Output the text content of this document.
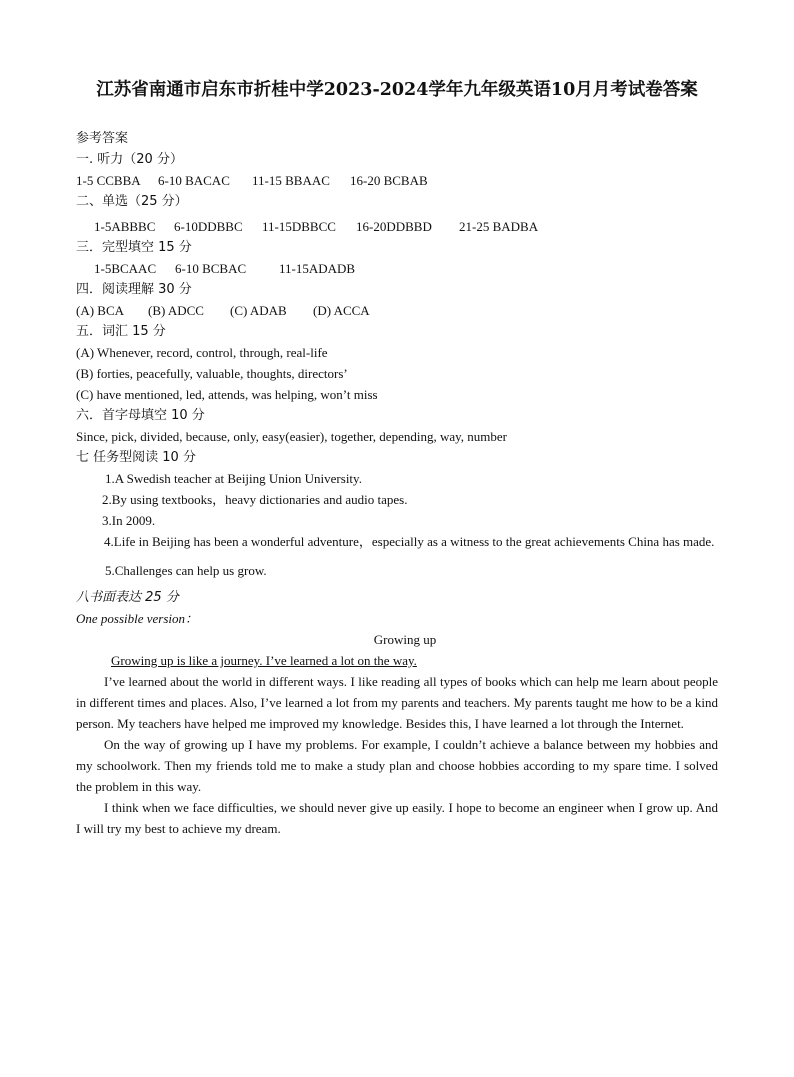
江苏省南通市启东市折桂中学2023-2024学年九年级英语10月月考试卷答案
参考答案
一. 听力（20 分）
1-5 CCBBA 6-10 BACAC 11-15 BBAAC 16-20 BCBAB
二、单选（25 分）
1-5ABBBC 6-10DDBBC 11-15DBBCC 16-20DDBBD 21-25 BADBA
三．完型填空 15 分
1-5BCAAC 6-10 BCBAC	11-15ADADB
四．阅读理解 30 分
(A) BCA (B) ADCC (C) ADAB (D) ACCA
五．词汇 15 分
(A) Whenever, record, control, through, real-life
(B) forties, peacefully, valuable, thoughts, directors’
(C) have mentioned, led, attends, was helping, won’t miss
六．首字母填空 10 分
Since, pick, divided, because, only, easy(easier), together, depending, way, number
七 任务型阅读 10 分
1.A Swedish teacher at Beijing Union University.
2.By using textbooks，heavy dictionaries and audio tapes.
3.In 2009.

4.Life in Beijing has been a wonderful adventure，especially as a witness to the great achievements China has made.

5.Challenges can help us grow.
八书面表达 25 分
One possible version：
Growing up
Growing up is like a journey. I’ve learned a lot on the way.

I’ve learned about the world in different ways. I like reading all types of books which can help me learn about people in different times and places. Also, I’ve learned a lot from my parents and teachers. My parents taught me how to be a kind person. My teachers have helped me improved my knowledge. Besides this, I have learned a lot through the Internet.

On the way of growing up I have my problems. For example, I couldn’t achieve a balance between my hobbies and my schoolwork. Then my friends told me to make a study plan and choose hobbies according to my spare time. I solved the problem in this way.

I think when we face difficulties, we should never give up easily. I hope to become an engineer when I grow up. And I will try my best to achieve my dream.
